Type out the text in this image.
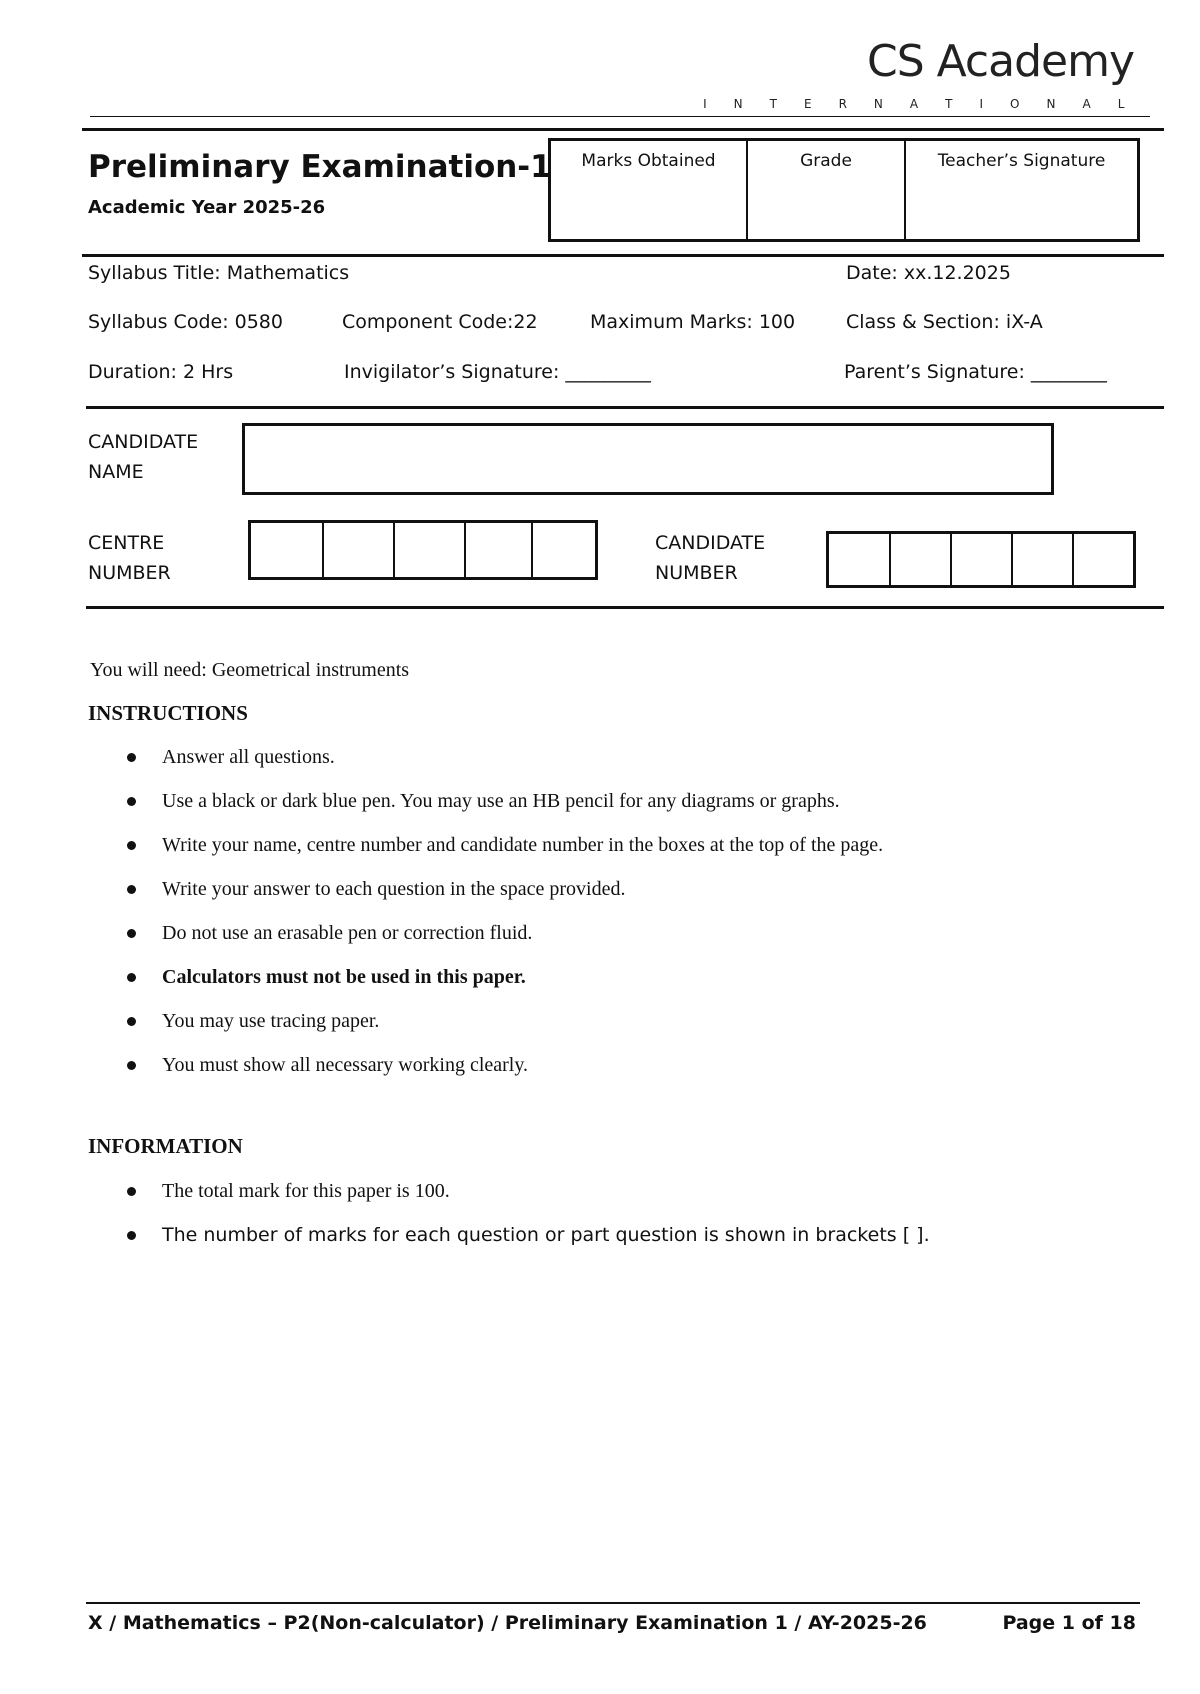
CS Academy
I N T E R N A T I O N A L
Preliminary Examination-1
Academic Year 2025-26
Marks Obtained	Grade	Teacher’s Signature
Syllabus Title: Mathematics	Date: xx.12.2025
Syllabus Code: 0580	Component Code:22	Maximum Marks: 100	Class & Section: iX-A
Duration: 2 Hrs	Invigilator’s Signature: _________	Parent’s Signature: ________
CANDIDATE
NAME
CENTRE
NUMBER
CANDIDATE
NUMBER
You will need: Geometrical instruments
INSTRUCTIONS
Answer all questions.
Use a black or dark blue pen. You may use an HB pencil for any diagrams or graphs.
Write your name, centre number and candidate number in the boxes at the top of the page.
Write your answer to each question in the space provided.
Do not use an erasable pen or correction fluid.
Calculators must not be used in this paper.
You may use tracing paper.
You must show all necessary working clearly.
INFORMATION
The total mark for this paper is 100.
The number of marks for each question or part question is shown in brackets [ ].
X / Mathematics – P2(Non-calculator) / Preliminary Examination 1 / AY-2025-26	Page 1 of 18
